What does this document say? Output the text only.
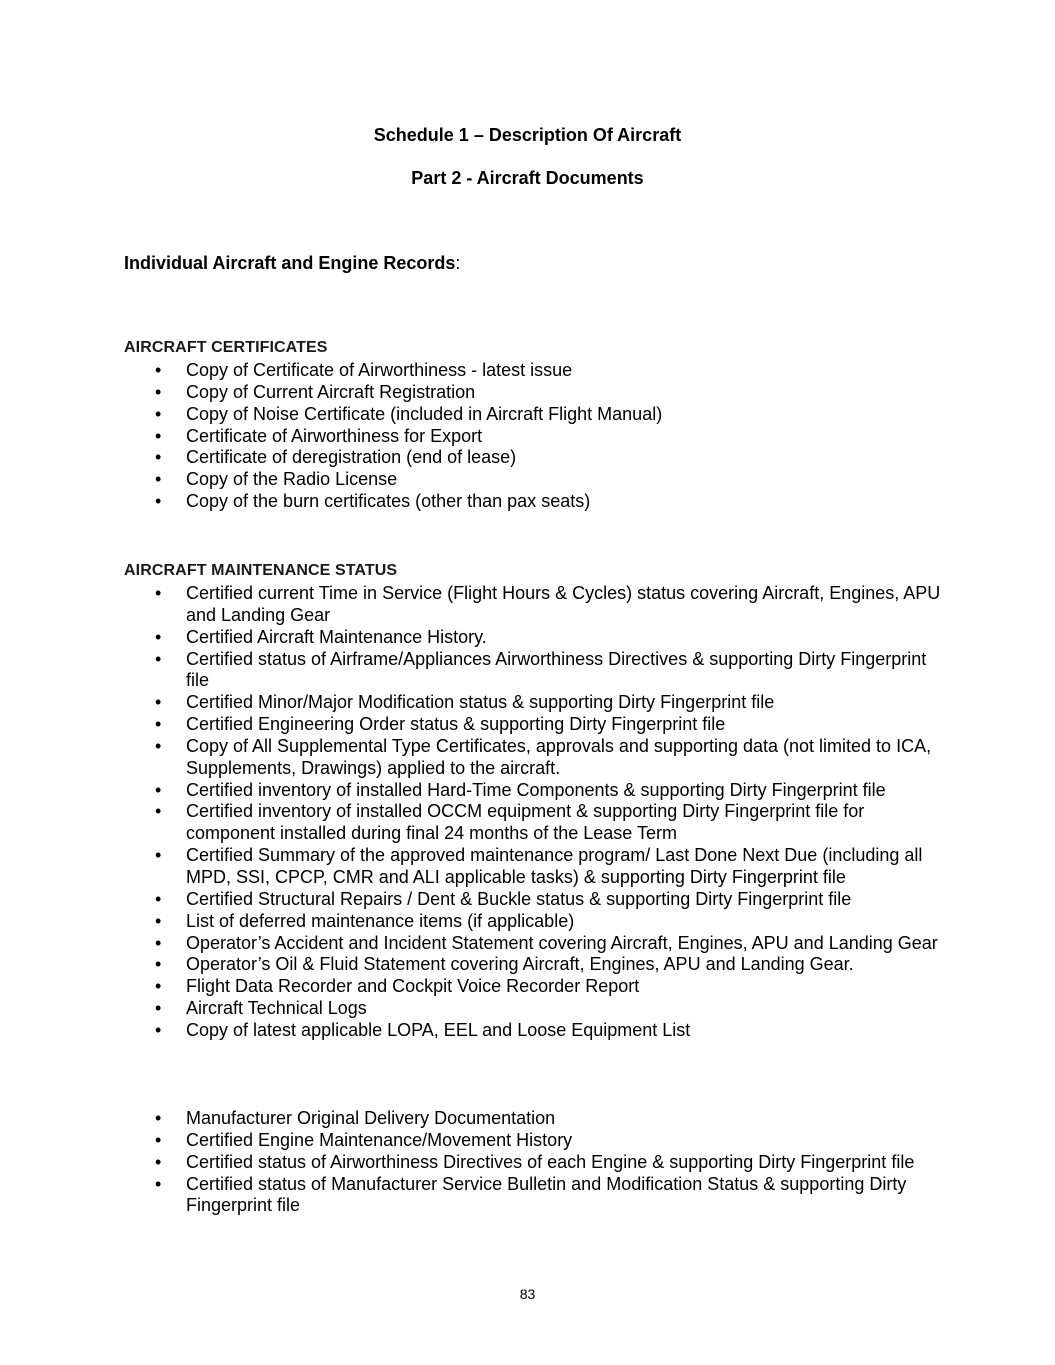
Schedule 1 – Description Of Aircraft
Part 2 - Aircraft Documents
Individual Aircraft and Engine Records:
AIRCRAFT CERTIFICATES
• Copy of Certificate of Airworthiness - latest issue
• Copy of Current Aircraft Registration
• Copy of Noise Certificate (included in Aircraft Flight Manual)
• Certificate of Airworthiness for Export
• Certificate of deregistration (end of lease)
• Copy of the Radio License
• Copy of the burn certificates (other than pax seats)
AIRCRAFT MAINTENANCE STATUS
• Certified current Time in Service (Flight Hours & Cycles) status covering Aircraft, Engines, APU and Landing Gear
• Certified Aircraft Maintenance History.
• Certified status of Airframe/Appliances Airworthiness Directives & supporting Dirty Fingerprint file
• Certified Minor/Major Modification status & supporting Dirty Fingerprint file
• Certified Engineering Order status & supporting Dirty Fingerprint file
• Copy of All Supplemental Type Certificates, approvals and supporting data (not limited to ICA, Supplements, Drawings) applied to the aircraft.
• Certified inventory of installed Hard-Time Components & supporting Dirty Fingerprint file
• Certified inventory of installed OCCM equipment & supporting Dirty Fingerprint file for component installed during final 24 months of the Lease Term
• Certified Summary of the approved maintenance program/ Last Done Next Due (including all MPD, SSI, CPCP, CMR and ALI applicable tasks) & supporting Dirty Fingerprint file
• Certified Structural Repairs / Dent & Buckle status & supporting Dirty Fingerprint file
• List of deferred maintenance items (if applicable)
• Operator’s Accident and Incident Statement covering Aircraft, Engines, APU and Landing Gear
• Operator’s Oil & Fluid Statement covering Aircraft, Engines, APU and Landing Gear.
• Flight Data Recorder and Cockpit Voice Recorder Report
• Aircraft Technical Logs
• Copy of latest applicable LOPA, EEL and Loose Equipment List
• Manufacturer Original Delivery Documentation
• Certified Engine Maintenance/Movement History
• Certified status of Airworthiness Directives of each Engine & supporting Dirty Fingerprint file
• Certified status of Manufacturer Service Bulletin and Modification Status & supporting Dirty Fingerprint file
83
